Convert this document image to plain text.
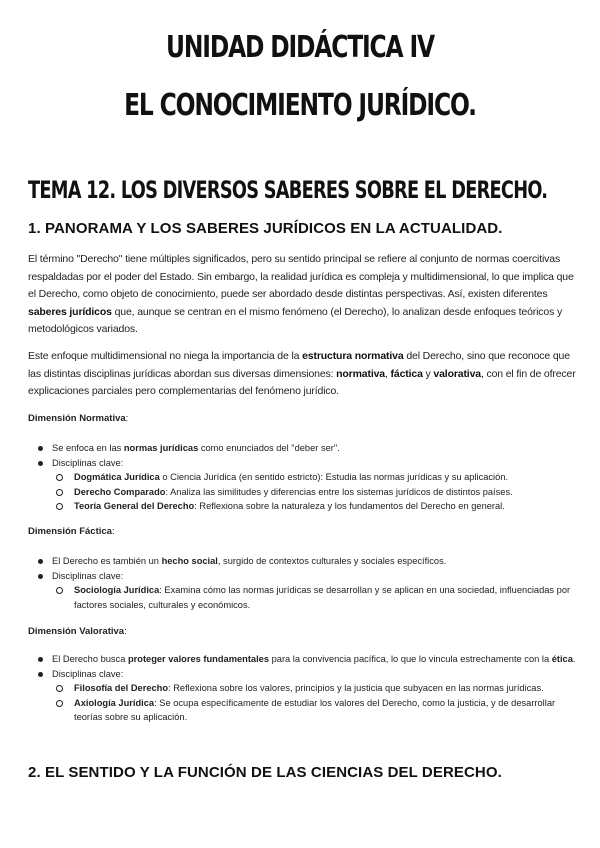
UNIDAD DIDÁCTICA IV
EL CONOCIMIENTO JURÍDICO.
TEMA 12. LOS DIVERSOS SABERES SOBRE EL DERECHO.
1. PANORAMA Y LOS SABERES JURÍDICOS EN LA ACTUALIDAD.

El término "Derecho" tiene múltiples significados, pero su sentido principal se refiere al conjunto de normas coercitivas respaldadas por el poder del Estado. Sin embargo, la realidad jurídica es compleja y multidimensional, lo que implica que el Derecho, como objeto de conocimiento, puede ser abordado desde distintas perspectivas. Así, existen diferentes saberes jurídicos que, aunque se centran en el mismo fenómeno (el Derecho), lo analizan desde enfoques teóricos y metodológicos variados.

Este enfoque multidimensional no niega la importancia de la estructura normativa del Derecho, sino que reconoce que las distintas disciplinas jurídicas abordan sus diversas dimensiones: normativa, fáctica y valorativa, con el fin de ofrecer explicaciones parciales pero complementarias del fenómeno jurídico.

Dimensión Normativa:
Se enfoca en las normas jurídicas como enunciados del "deber ser".
Disciplinas clave:
Dogmática Jurídica o Ciencia Jurídica (en sentido estricto): Estudia las normas jurídicas y su aplicación.
Derecho Comparado: Analiza las similitudes y diferencias entre los sistemas jurídicos de distintos países.
Teoría General del Derecho: Reflexiona sobre la naturaleza y los fundamentos del Derecho en general.
Dimensión Fáctica:
El Derecho es también un hecho social, surgido de contextos culturales y sociales específicos.
Disciplinas clave:
Sociología Jurídica: Examina cómo las normas jurídicas se desarrollan y se aplican en una sociedad, influenciadas por factores sociales, culturales y económicos.
Dimensión Valorativa:
El Derecho busca proteger valores fundamentales para la convivencia pacífica, lo que lo vincula estrechamente con la ética.
Disciplinas clave:
Filosofía del Derecho: Reflexiona sobre los valores, principios y la justicia que subyacen en las normas jurídicas.
Axiología Jurídica: Se ocupa específicamente de estudiar los valores del Derecho, como la justicia, y de desarrollar teorías sobre su aplicación.
2. EL SENTIDO Y LA FUNCIÓN DE LAS CIENCIAS DEL DERECHO.
